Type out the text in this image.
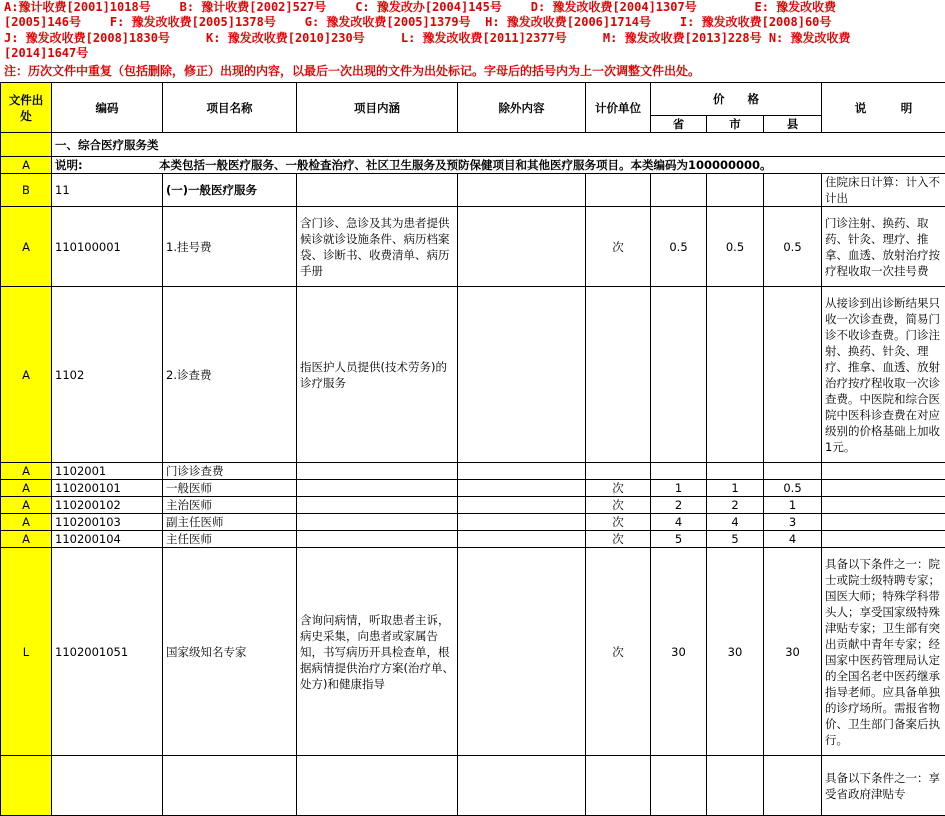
A:豫计收费[2001]1018号    B: 豫计收费[2002]527号    C: 豫发改办[2004]145号    D: 豫发改收费[2004]1307号        E: 豫发改收费
[2005]146号    F: 豫发改收费[2005]1378号    G: 豫发改收费[2005]1379号  H: 豫发改收费[2006]1714号    I: 豫发改收费[2008]60号
J: 豫发改收费[2008]1830号     K: 豫发改收费[2010]230号     L: 豫发改收费[2011]2377号     M: 豫发改收费[2013]228号 N: 豫发改收费
[2014]1647号
注：历次文件中重复（包括删除，修正）出现的内容，以最后一次出现的文件为出处标记。字母后的括号内为上一次调整文件出处。
文件出处	编码	项目名称	项目内涵	除外内容	计价单位	价　　格			说　　　明
						省	市	县	
	一、综合医疗服务类								
A	说明: 本类包括一般医疗服务、一般检查治疗、社区卫生服务及预防保健项目和其他医疗服务项目。本类编码为100000000。								
B	11	(一)一般医疗服务							住院床日计算：计入不计出
A	110100001	1.挂号费	含门诊、急诊及其为患者提供候诊就诊设施条件、病历档案袋、诊断书、收费清单、病历手册		次	0.5	0.5	0.5	门诊注射、换药、取药、针灸、理疗、推拿、血透、放射治疗按疗程收取一次挂号费
A	1102	2.诊查费	指医护人员提供(技术劳务)的诊疗服务						从接诊到出诊断结果只收一次诊查费，简易门诊不收诊查费。门诊注射、换药、针灸、理疗、推拿、血透、放射治疗按疗程收取一次诊查费。中医院和综合医院中医科诊查费在对应级别的价格基础上加收1元。
A	1102001	门诊诊查费							
A	110200101	一般医师			次	1	1	0.5	
A	110200102	主治医师			次	2	2	1	
A	110200103	副主任医师			次	4	4	3	
A	110200104	主任医师			次	5	5	4	
L	1102001051	国家级知名专家	含询问病情，听取患者主诉，病史采集，向患者或家属告知，书写病历开具检查单，根据病情提供治疗方案(治疗单、处方)和健康指导		次	30	30	30	具备以下条件之一：院士或院士级特聘专家；国医大师；特殊学科带头人；享受国家级特殊津贴专家；卫生部有突出贡献中青年专家；经国家中医药管理局认定的全国名老中医药继承指导老师。应具备单独的诊疗场所。需报省物价、卫生部门备案后执行。
									具备以下条件之一：享受省政府津贴专
